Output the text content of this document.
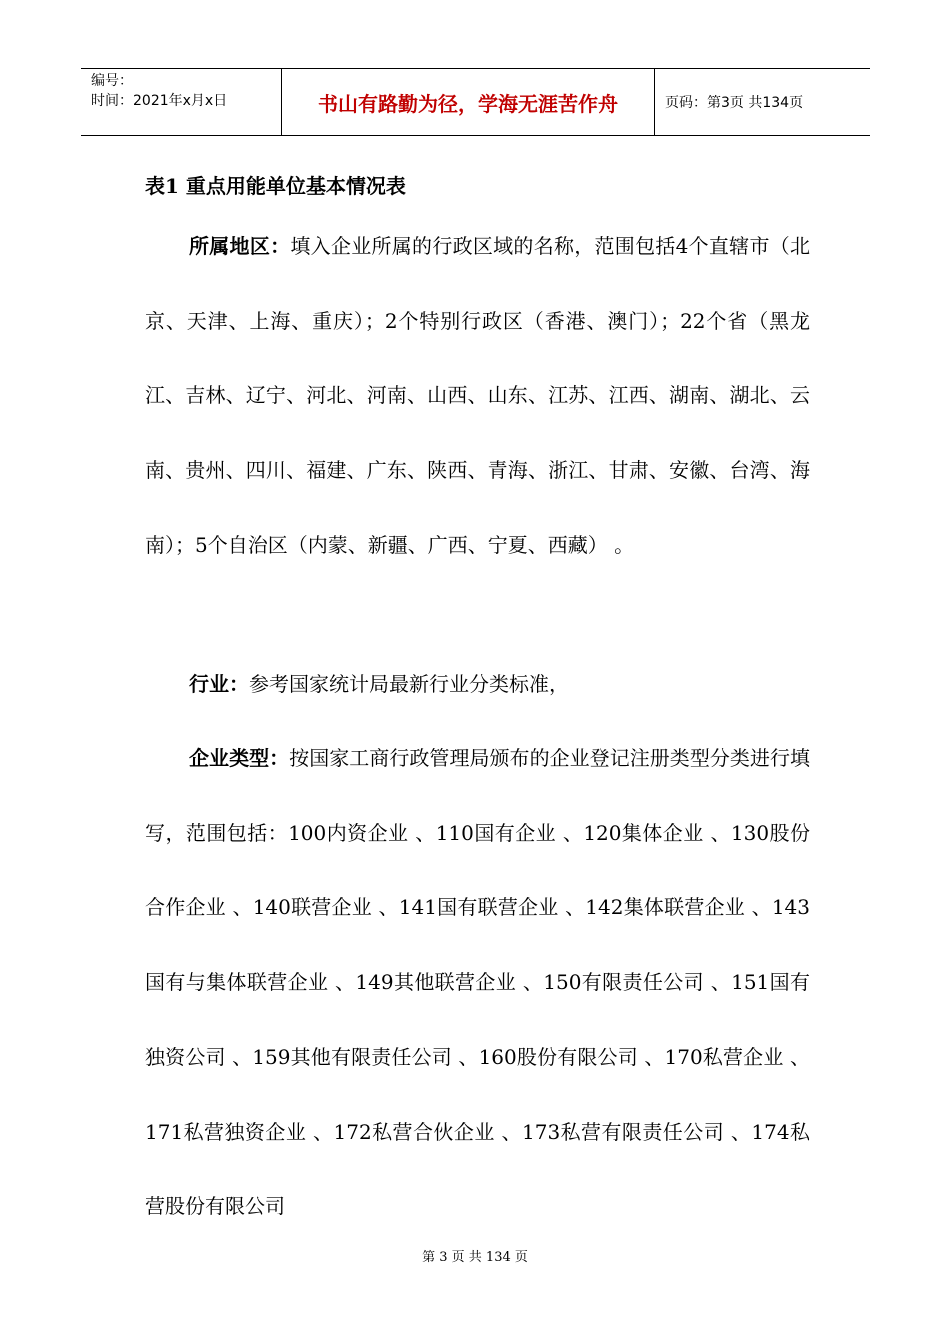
编号：
时间：2021年x月x日	书山有路勤为径，学海无涯苦作舟	页码：第3页 共134页
表1 重点用能单位基本情况表

所属地区：填入企业所属的行政区域的名称，范围包括4个直辖市（北京、天津、上海、重庆）；2个特别行政区（香港、澳门）；22个省（黑龙江、吉林、辽宁、河北、河南、山西、山东、江苏、江西、湖南、湖北、云南、贵州、四川、福建、广东、陕西、青海、浙江、甘肃、安徽、台湾、海南）；5个自治区（内蒙、新疆、广西、宁夏、西藏） 。

行业：参考国家统计局最新行业分类标准，

企业类型：按国家工商行政管理局颁布的企业登记注册类型分类进行填写，范围包括：100内资企业 、110国有企业 、120集体企业 、130股份合作企业 、140联营企业 、141国有联营企业 、142集体联营企业 、143国有与集体联营企业 、149其他联营企业 、150有限责任公司 、151国有独资公司 、159其他有限责任公司 、160股份有限公司 、170私营企业 、171私营独资企业 、172私营合伙企业 、173私营有限责任公司 、174私营股份有限公司

第 3 页 共 134 页
